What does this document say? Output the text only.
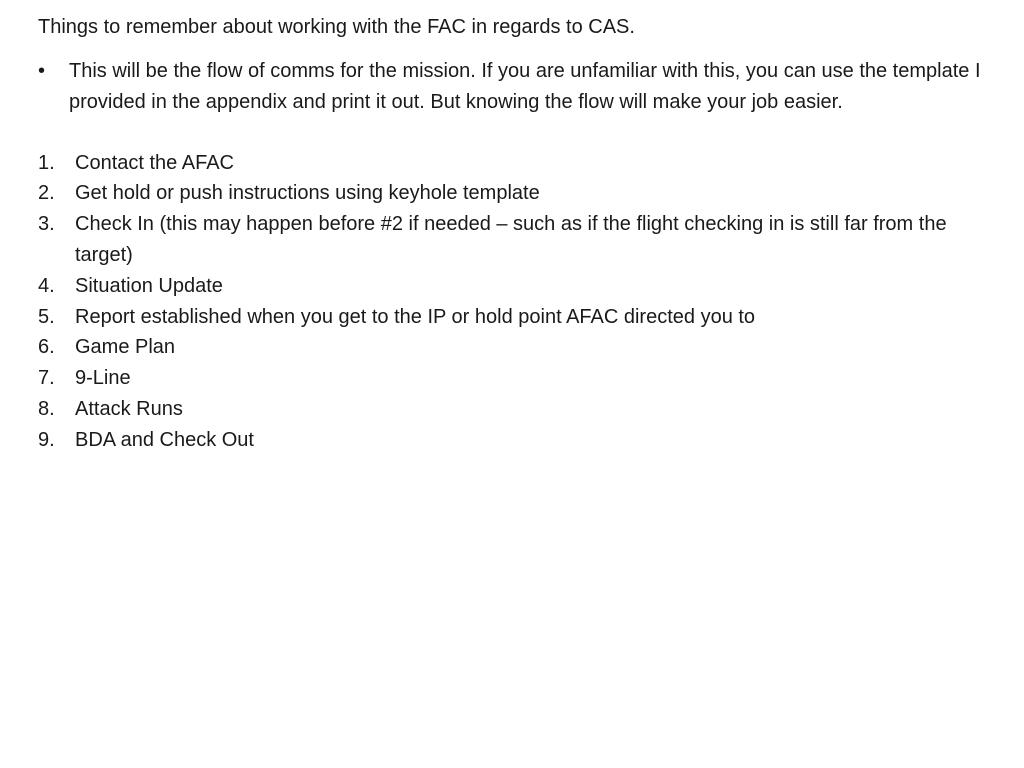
Things to remember about working with the FAC in regards to CAS.
• This will be the flow of comms for the mission. If you are unfamiliar with this, you can use the template I provided in the appendix and print it out. But knowing the flow will make your job easier.
1. Contact the AFAC
2. Get hold or push instructions using keyhole template
3. Check In (this may happen before #2 if needed – such as if the flight checking in is still far from the target)
4. Situation Update
5. Report established when you get to the IP or hold point AFAC directed you to
6. Game Plan
7. 9-Line
8. Attack Runs
9. BDA and Check Out
